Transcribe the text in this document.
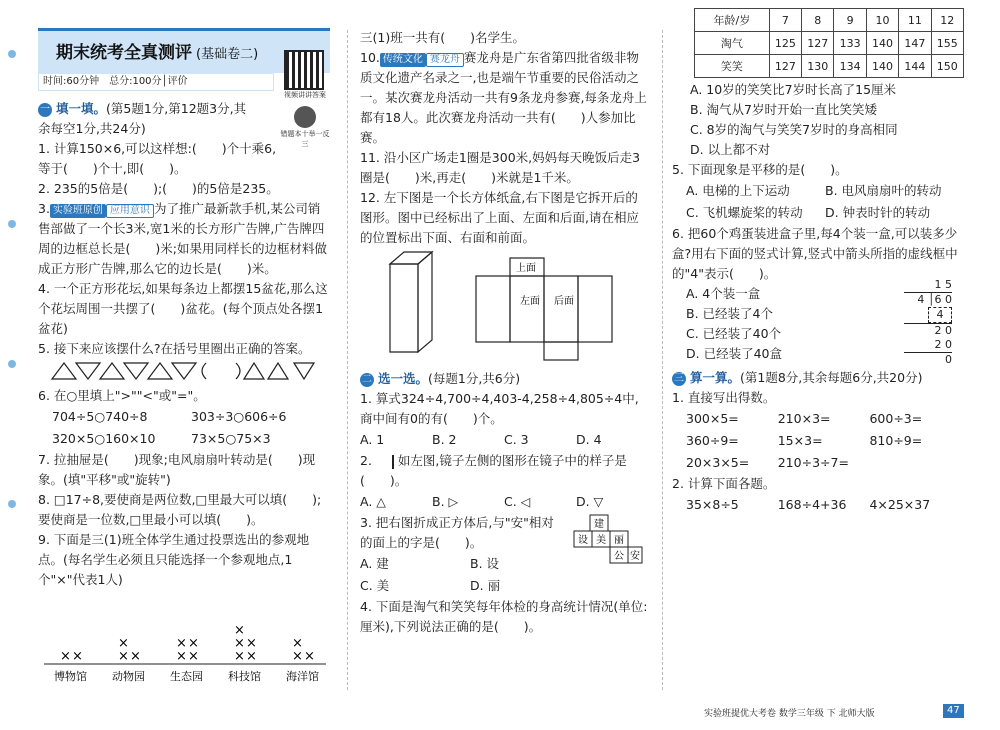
期末统考全真测评 (基础卷二)
时间:60分钟　总分:100分│评价
视频讲讲答案
错题本十举一反三

一 填一填。(第5题1分,第12题3分,其余每空1分,共24分)

1. 计算150×6,可以这样想:(　　)个十乘6,等于(　　)个十,即(　　)。

2. 235的5倍是(　　);(　　)的5倍是235。

3. 实验班原创 应用意识 为了推广最新款手机,某公司销售部做了一个长3米,宽1米的长方形广告牌,广告牌四周的边框总长是(　　)米;如果用同样长的边框材料做成正方形广告牌,那么它的边长是(　　)米。

4. 一个正方形花坛,如果每条边上都摆15盆花,那么这个花坛周围一共摆了(　　)盆花。(每个顶点处各摆1盆花)

5. 接下来应该摆什么?在括号里圈出正确的答案。

6. 在○里填上">""<"或"="。

704÷5○740÷8	303÷3○606÷6
320×5○160×10	73×5○75×3

7. 拉抽屉是(　　)现象;电风扇扇叶转动是(　　)现象。(填"平移"或"旋转")

8. □17÷8,要使商是两位数,□里最大可以填(　　);要使商是一位数,□里最小可以填(　　)。

9. 下面是三(1)班全体学生通过投票选出的参观地点。(每名学生必须且只能选择一个参观地点,1个"×"代表1人)

× ×
博物馆
× ×
×
动物园
× ×
× ×
生态园
× ×
× ×
×
科技馆
× ×
×
海洋馆

三(1)班一共有(　　)名学生。

10. 传统文化 赛龙舟 赛龙舟是广东省第四批省级非物质文化遗产名录之一,也是端午节重要的民俗活动之一。某次赛龙舟活动一共有9条龙舟参赛,每条龙舟上都有18人。此次赛龙舟活动一共有(　　)人参加比赛。

11. 沿小区广场走1圈是300米,妈妈每天晚饭后走3圈是(　　)米,再走(　　)米就是1千米。

12. 左下图是一个长方体纸盒,右下图是它拆开后的图形。图中已经标出了上面、左面和后面,请在相应的位置标出下面、右面和前面。

上面
左面 后面

二 选一选。(每题1分,共6分)

1. 算式324÷4,700÷4,403-4,258÷4,805÷4中,商中间有0的有(　　)个。

A. 1	B. 2	C. 3	D. 4

2.  如左图,镜子左侧的图形在镜子中的样子是(　　)。

A. △	B. ▷	C. ◁	D. ▽

3. 把右图折成正方体后,与"安"相对的面上的字是(　　)。

建
设 美 丽
公 安
A. 建	B. 设
C. 美	D. 丽

4. 下面是淘气和笑笑每年体检的身高统计情况(单位:厘米),下列说法正确的是(　　)。

年龄/岁	7	8	9	10	11	12
淘气	125	127	133	140	147	155
笑笑	127	130	134	140	144	150

A. 10岁的笑笑比7岁时长高了15厘米

B. 淘气从7岁时开始一直比笑笑矮

C. 8岁的淘气与笑笑7岁时的身高相同

D. 以上都不对

5. 下面现象是平移的是(　　)。

A. 电梯的上下运动	B. 电风扇扇叶的转动
C. 飞机螺旋桨的转动	D. 钟表时针的转动

6. 把60个鸡蛋装进盒子里,每4个装一盒,可以装多少盒?用右下面的竖式计算,竖式中箭头所指的虚线框中的"4"表示(　　)。

A. 4个装一盒

B. 已经装了4个

C. 已经装了40个

D. 已经装了40盒

1 5
4 │6 0
4
2 0
2 0
0

三 算一算。(第1题8分,其余每题6分,共20分)

1. 直接写出得数。

300×5=	210×3=	600÷3=
360÷9=	15×3=	810÷9=
20×3×5=	210÷3÷7=

2. 计算下面各题。

35×8÷5	168÷4+36	4×25×37
实验班提优大考卷 数学三年级 下 北师大版	47
